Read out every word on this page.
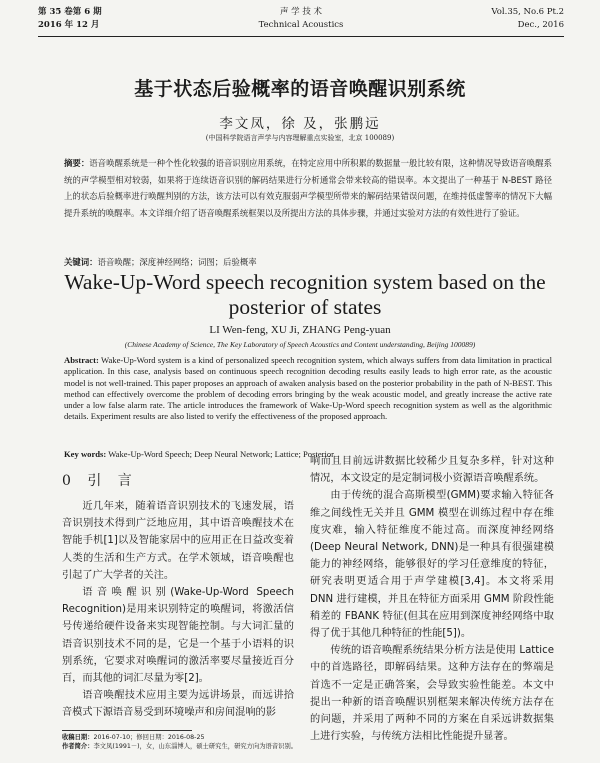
第 35 卷第 6 期
2016 年 12 月
声 学 技 术
Technical Acoustics
Vol.35, No.6 Pt.2
Dec., 2016
基于状态后验概率的语音唤醒识别系统
李文凤，徐 及，张鹏远
(中国科学院语言声学与内容理解重点实验室，北京 100089)
摘要：语音唤醒系统是一种个性化较强的语音识别应用系统，在特定应用中所积累的数据量一般比较有限，这种情况导致语音唤醒系统的声学模型相对较弱，如果将于连续语音识别的解码结果进行分析通常会带来较高的错误率。本文提出了一种基于 N-BEST 路径上的状态后验概率进行唤醒判别的方法，该方法可以有效克服弱声学模型所带来的解码结果错误问题，在维持低虚警率的情况下大幅提升系统的唤醒率。本文详细介绍了语音唤醒系统框架以及所提出方法的具体步骤，并通过实验对方法的有效性进行了验证。
关键词：语音唤醒；深度神经网络；词图；后验概率
Wake-Up-Word speech recognition system based on the posterior of states
LI Wen-feng, XU Ji, ZHANG Peng-yuan
(Chinese Academy of Science, The Key Laboratory of Speech Acoustics and Content understanding, Beijing 100089)
Abstract: Wake-Up-Word system is a kind of personalized speech recognition system, which always suffers from data limitation in practical application. In this case, analysis based on continuous speech recognition decoding results easily leads to high error rate, as the acoustic model is not well-trained. This paper proposes an approach of awaken analysis based on the posterior probability in the path of N-BEST. This method can effectively overcome the problem of decoding errors bringing by the weak acoustic model, and greatly increase the active rate under a low false alarm rate. The article introduces the framework of Wake-Up-Word speech recognition system as well as the algorithmic details. Experiment results are also listed to verify the effectiveness of the proposed approach.
Key words: Wake-Up-Word Speech; Deep Neural Network; Lattice; Posterior
0 引 言

近几年来，随着语音识别技术的飞速发展，语音识别技术得到广泛地应用，其中语音唤醒技术在智能手机[1]以及智能家居中的应用正在日益改变着人类的生活和生产方式。在学术领域，语音唤醒也引起了广大学者的关注。

语音唤醒识别(Wake-Up-Word Speech Recognition)是用来识别特定的唤醒词，将激活信号传递给硬件设备来实现智能控制。与大词汇量的语音识别技术不同的是，它是一个基于小语料的识别系统，它要求对唤醒词的激活率要尽量接近百分百，而其他的词汇尽量为零[2]。

语音唤醒技术应用主要为远讲场景，而远讲拾音模式下源语音易受到环境噪声和房间混响的影

响而且目前远讲数据比较稀少且复杂多样，针对这种情况，本文设定的是定制词极小资源语音唤醒系统。

由于传统的混合高斯模型(GMM)要求输入特征各维之间线性无关并且 GMM 模型在训练过程中存在维度灾难，输入特征维度不能过高。而深度神经网络(Deep Neural Network, DNN)是一种具有很强建模能力的神经网络，能够很好的学习任意维度的特征，研究表明更适合用于声学建模[3,4]。本文将采用 DNN 进行建模，并且在特征方面采用 GMM 阶段性能稍差的 FBANK 特征(但其在应用到深度神经网络中取得了优于其他几种特征的性能[5])。

传统的语音唤醒系统结果分析方法是使用 Lattice 中的首选路径，即解码结果。这种方法存在的弊端是首选不一定是正确答案，会导致实验性能差。本文中提出一种新的语音唤醒识别框架来解决传统方法存在的问题，并采用了两种不同的方案在自采远讲数据集上进行实验，与传统方法相比性能提升显著。

收稿日期：2016-07-10；修回日期：2016-08-25
作者简介：李文凤(1991－)，女，山东淄博人，硕士研究生，研究方向为语音识别。
